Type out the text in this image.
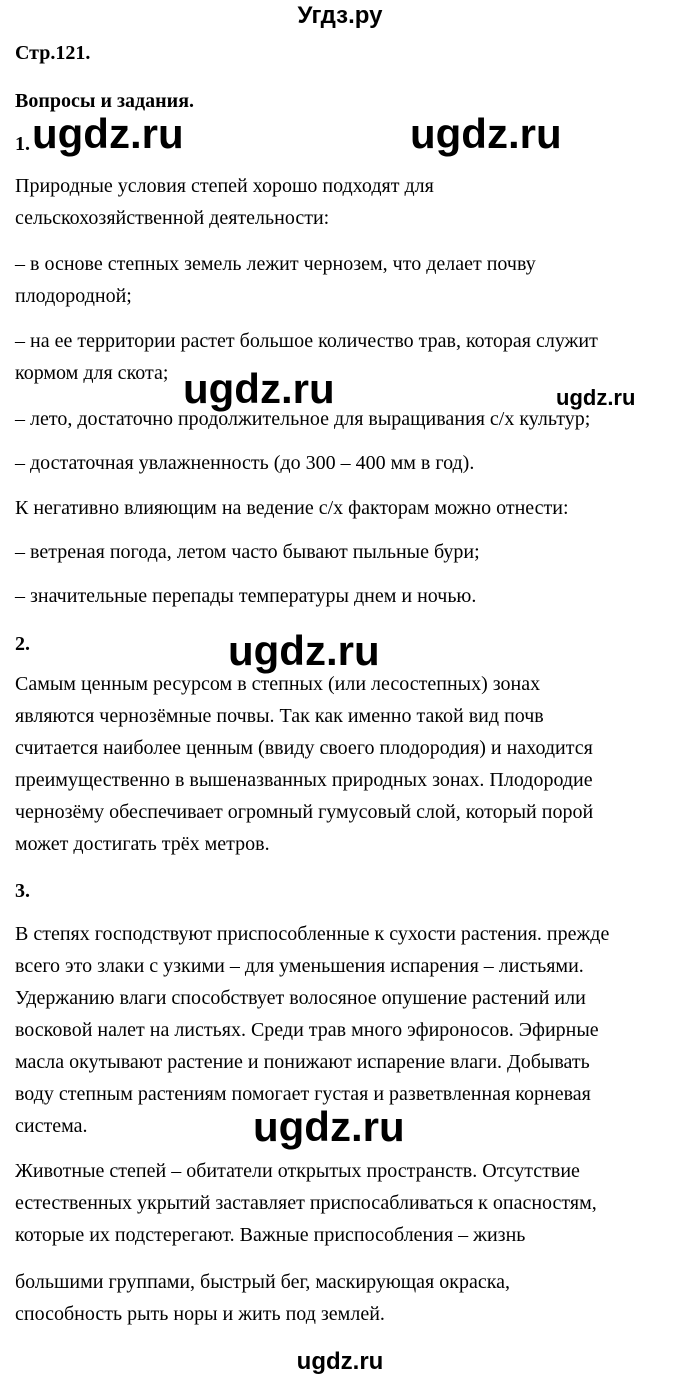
Угдз.ру
Стр.121.
Вопросы и задания.
1.
Природные условия степей хорошо подходят для
сельскохозяйственной деятельности:
– в основе степных земель лежит чернозем, что делает почву
плодородной;
– на ее территории растет большое количество трав, которая служит
кормом для скота;
– лето, достаточно продолжительное для выращивания с/х культур;
– достаточная увлажненность (до 300 – 400 мм в год).
К негативно влияющим на ведение с/х факторам можно отнести:
– ветреная погода, летом часто бывают пыльные бури;
– значительные перепады температуры днем и ночью.
2.
Самым ценным ресурсом в степных (или лесостепных) зонах
являются чернозёмные почвы. Так как именно такой вид почв
считается наиболее ценным (ввиду своего плодородия) и находится
преимущественно в вышеназванных природных зонах. Плодородие
чернозёму обеспечивает огромный гумусовый слой, который порой
может достигать трёх метров.
3.
В степях господствуют приспособленные к сухости растения. прежде
всего это злаки с узкими – для уменьшения испарения – листьями.
Удержанию влаги способствует волосяное опушение растений или
восковой налет на листьях. Среди трав много эфироносов. Эфирные
масла окутывают растение и понижают испарение влаги. Добывать
воду степным растениям помогает густая и разветвленная корневая
система.
Животные степей – обитатели открытых пространств. Отсутствие
естественных укрытий заставляет приспосабливаться к опасностям,
которые их подстерегают. Важные приспособления – жизнь
большими группами, быстрый бег, маскирующая окраска,
способность рыть норы и жить под землей.
ugdz.ru	ugdz.ru
ugdz.ru	ugdz.ru
ugdz.ru
ugdz.ru
ugdz.ru
